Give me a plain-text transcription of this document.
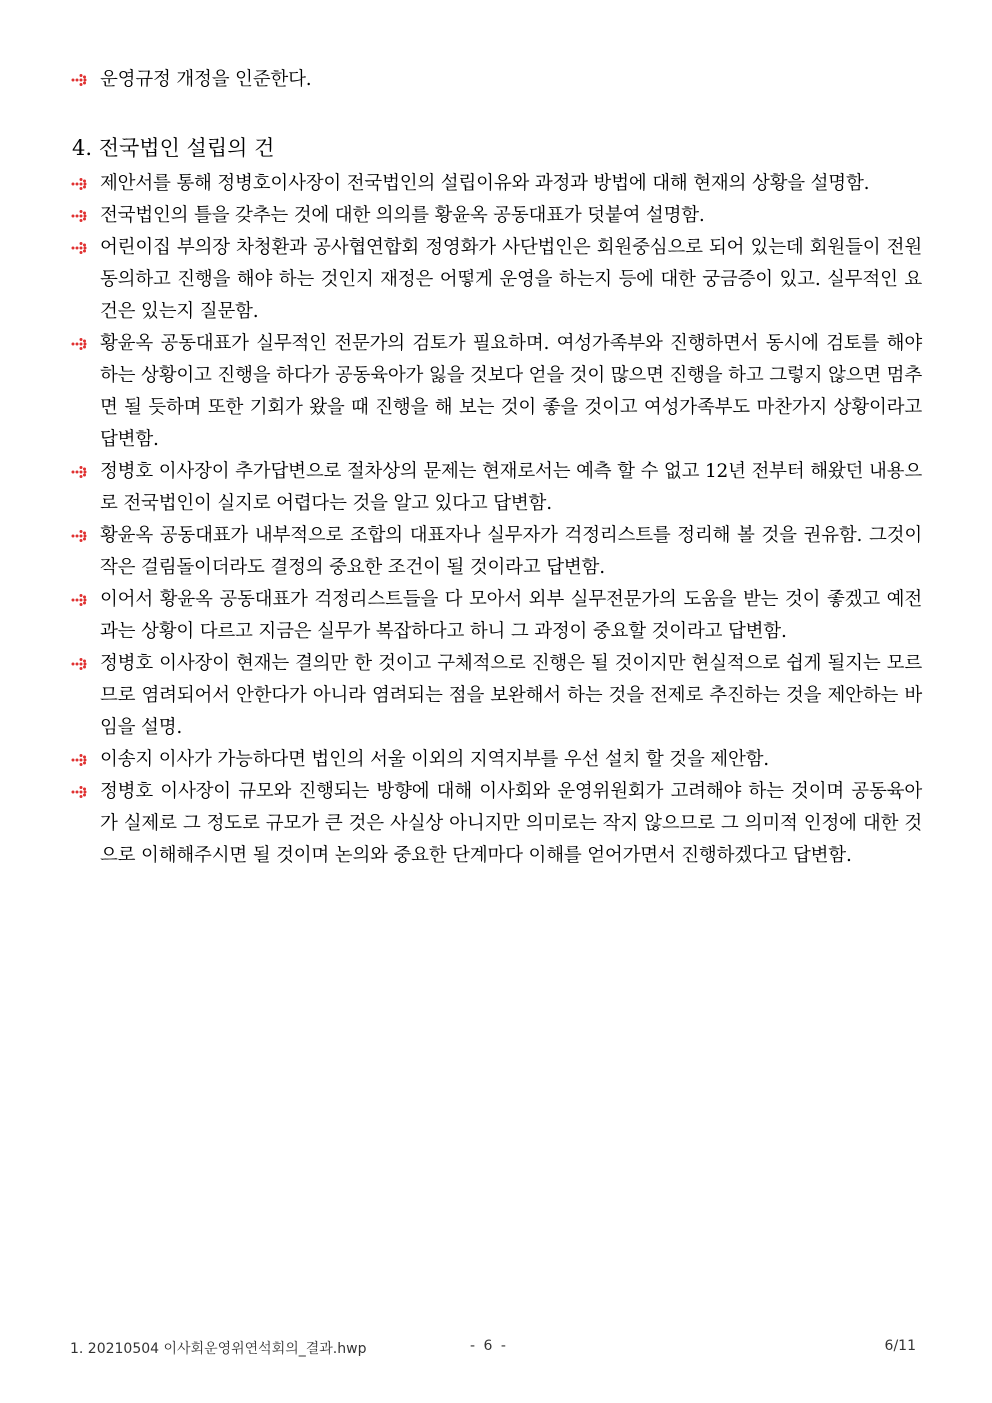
운영규정 개정을 인준한다.
4. 전국법인 설립의 건
제안서를 통해 정병호이사장이 전국법인의 설립이유와 과정과 방법에 대해 현재의 상황을 설명함.
전국법인의 틀을 갖추는 것에 대한 의의를 황윤옥 공동대표가 덧붙여 설명함.
어린이집 부의장 차청환과 공사협연합회 정영화가 사단법인은 회원중심으로 되어 있는데 회원들이 전원 동의하고 진행을 해야 하는 것인지 재정은 어떻게 운영을 하는지 등에 대한 궁금증이 있고. 실무적인 요건은 있는지 질문함.
황윤옥 공동대표가 실무적인 전문가의 검토가 필요하며. 여성가족부와 진행하면서 동시에 검토를 해야 하는 상황이고 진행을 하다가 공동육아가 잃을 것보다 얻을 것이 많으면 진행을 하고 그렇지 않으면 멈추면 될 듯하며 또한 기회가 왔을 때 진행을 해 보는 것이 좋을 것이고 여성가족부도 마찬가지 상황이라고 답변함.
정병호 이사장이 추가답변으로 절차상의 문제는 현재로서는 예측 할 수 없고 12년 전부터 해왔던 내용으로 전국법인이 실지로 어렵다는 것을 알고 있다고 답변함.
황윤옥 공동대표가 내부적으로 조합의 대표자나 실무자가 걱정리스트를 정리해 볼 것을 권유함. 그것이 작은 걸림돌이더라도 결정의 중요한 조건이 될 것이라고 답변함.
이어서 황윤옥 공동대표가 걱정리스트들을 다 모아서 외부 실무전문가의 도움을 받는 것이 좋겠고 예전과는 상황이 다르고 지금은 실무가 복잡하다고 하니 그 과정이 중요할 것이라고 답변함.
정병호 이사장이 현재는 결의만 한 것이고 구체적으로 진행은 될 것이지만 현실적으로 쉽게 될지는 모르므로 염려되어서 안한다가 아니라 염려되는 점을 보완해서 하는 것을 전제로 추진하는 것을 제안하는 바임을 설명.
이송지 이사가 가능하다면 법인의 서울 이외의 지역지부를 우선 설치 할 것을 제안함.
정병호 이사장이 규모와 진행되는 방향에 대해 이사회와 운영위원회가 고려해야 하는 것이며 공동육아가 실제로 그 정도로 규모가 큰 것은 사실상 아니지만 의미로는 작지 않으므로 그 의미적 인정에 대한 것으로 이해해주시면 될 것이며 논의와 중요한 단계마다 이해를 얻어가면서 진행하겠다고 답변함.
1. 20210504 이사회운영위연석회의_결과.hwp	- 6 -	6/11
